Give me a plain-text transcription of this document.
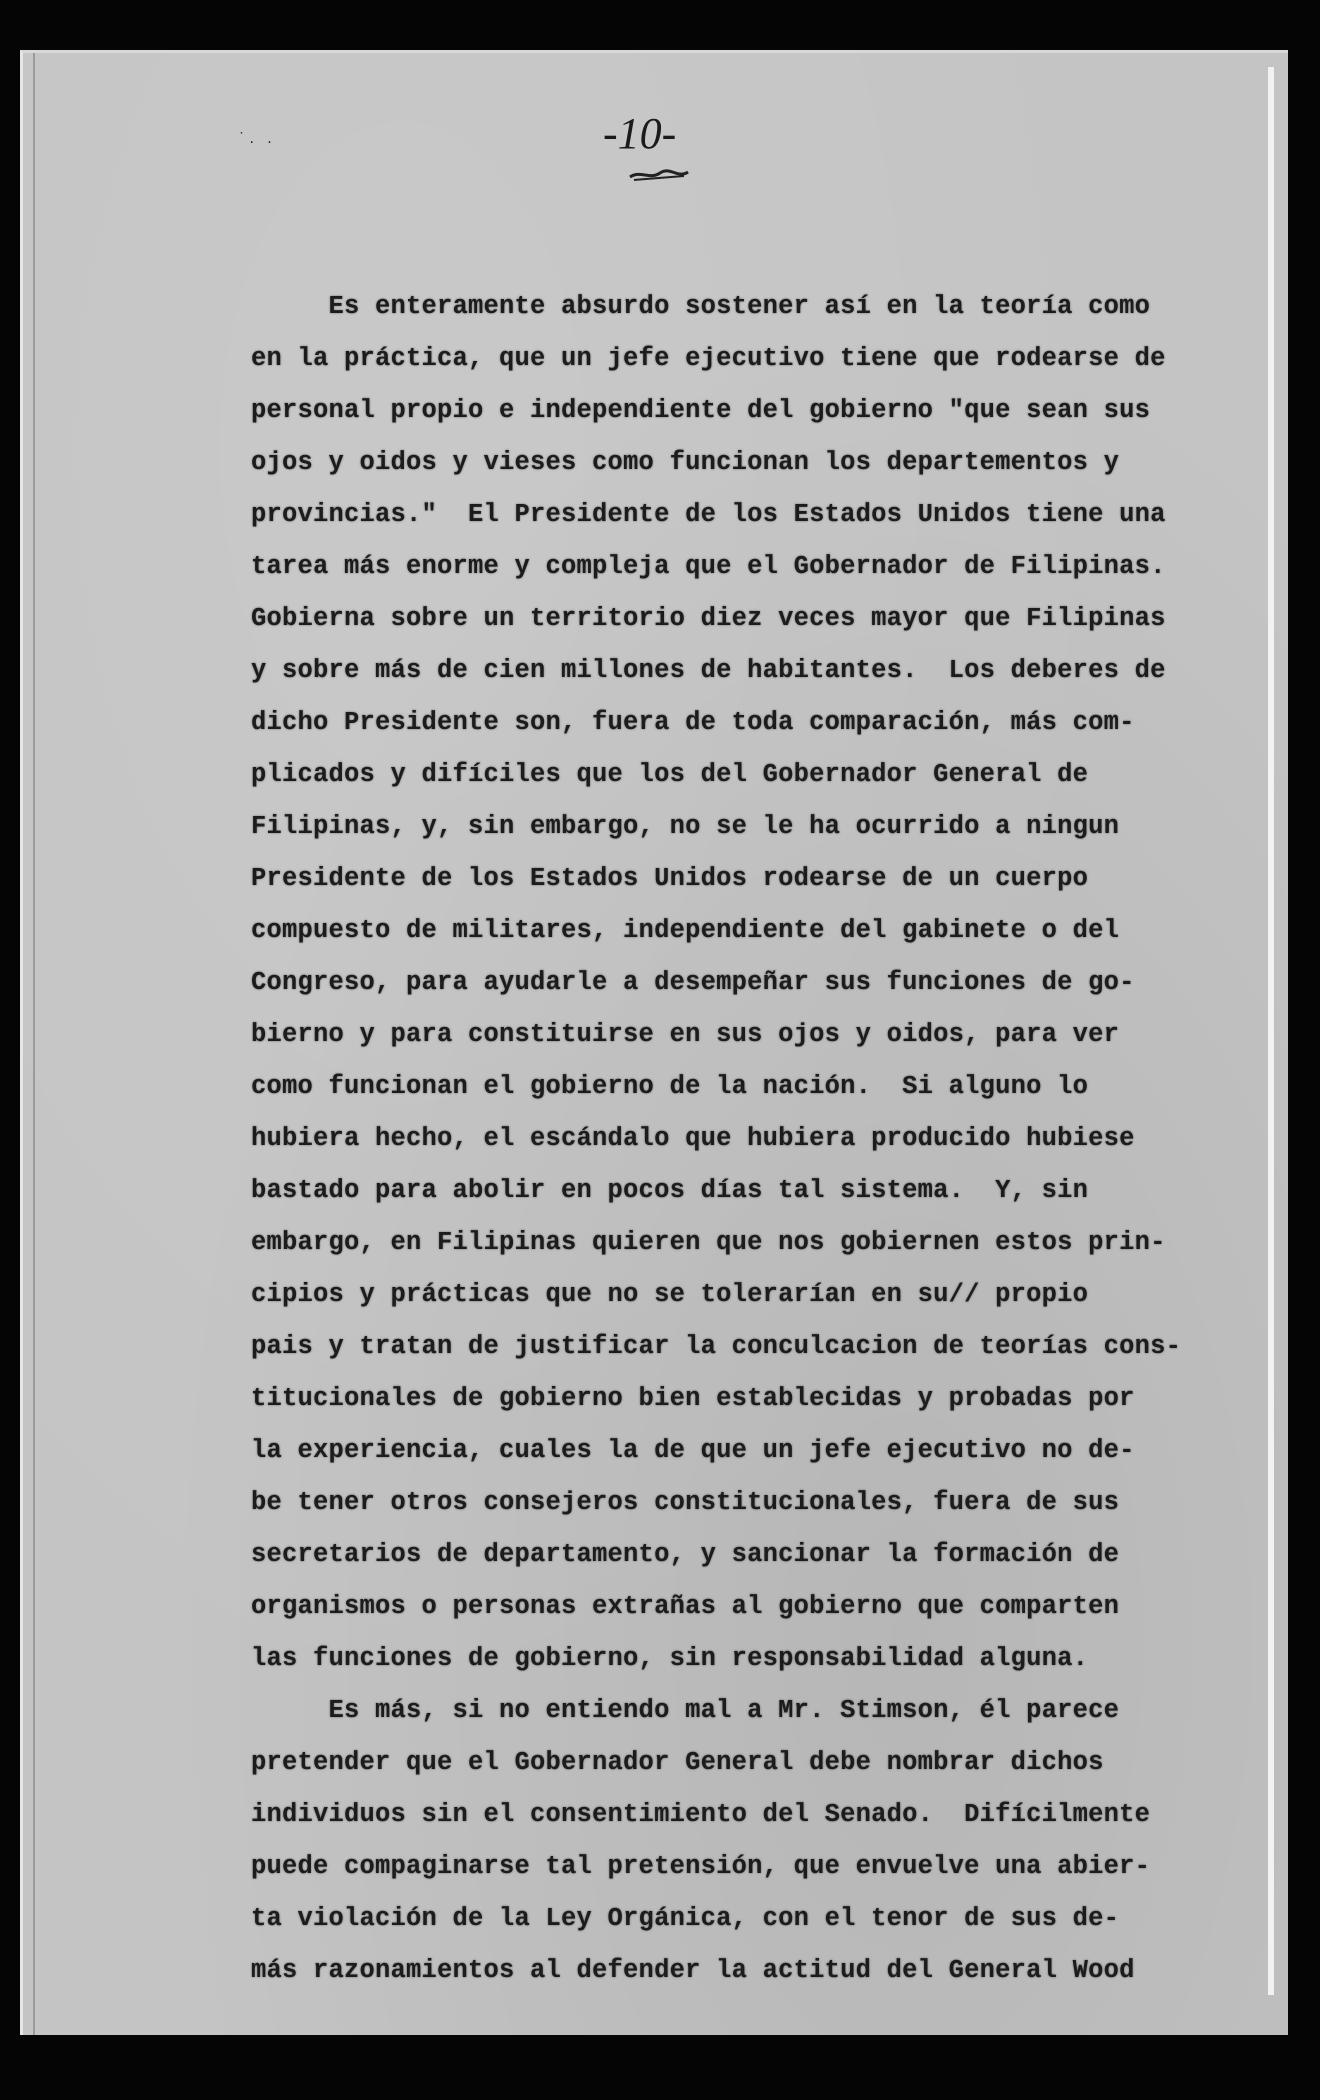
˙ .   .	-10-
Es enteramente absurdo sostener así en la teoría como
en la práctica, que un jefe ejecutivo tiene que rodearse de
personal propio e independiente del gobierno "que sean sus
ojos y oidos y vieses como funcionan los departementos y
provincias."  El Presidente de los Estados Unidos tiene una
tarea más enorme y compleja que el Gobernador de Filipinas.
Gobierna sobre un territorio diez veces mayor que Filipinas
y sobre más de cien millones de habitantes.  Los deberes de
dicho Presidente son, fuera de toda comparación, más com-
plicados y difíciles que los del Gobernador General de
Filipinas, y, sin embargo, no se le ha ocurrido a ningun
Presidente de los Estados Unidos rodearse de un cuerpo
compuesto de militares, independiente del gabinete o del
Congreso, para ayudarle a desempeñar sus funciones de go-
bierno y para constituirse en sus ojos y oidos, para ver
como funcionan el gobierno de la nación.  Si alguno lo
hubiera hecho, el escándalo que hubiera producido hubiese
bastado para abolir en pocos días tal sistema.  Y, sin
embargo, en Filipinas quieren que nos gobiernen estos prin-
cipios y prácticas que no se tolerarían en su// propio
pais y tratan de justificar la conculcacion de teorías cons-
titucionales de gobierno bien establecidas y probadas por
la experiencia, cuales la de que un jefe ejecutivo no de-
be tener otros consejeros constitucionales, fuera de sus
secretarios de departamento, y sancionar la formación de
organismos o personas extrañas al gobierno que comparten
las funciones de gobierno, sin responsabilidad alguna.
Es más, si no entiendo mal a Mr. Stimson, él parece
pretender que el Gobernador General debe nombrar dichos
individuos sin el consentimiento del Senado.  Difícilmente
puede compaginarse tal pretensión, que envuelve una abier-
ta violación de la Ley Orgánica, con el tenor de sus de-
más razonamientos al defender la actitud del General Wood
